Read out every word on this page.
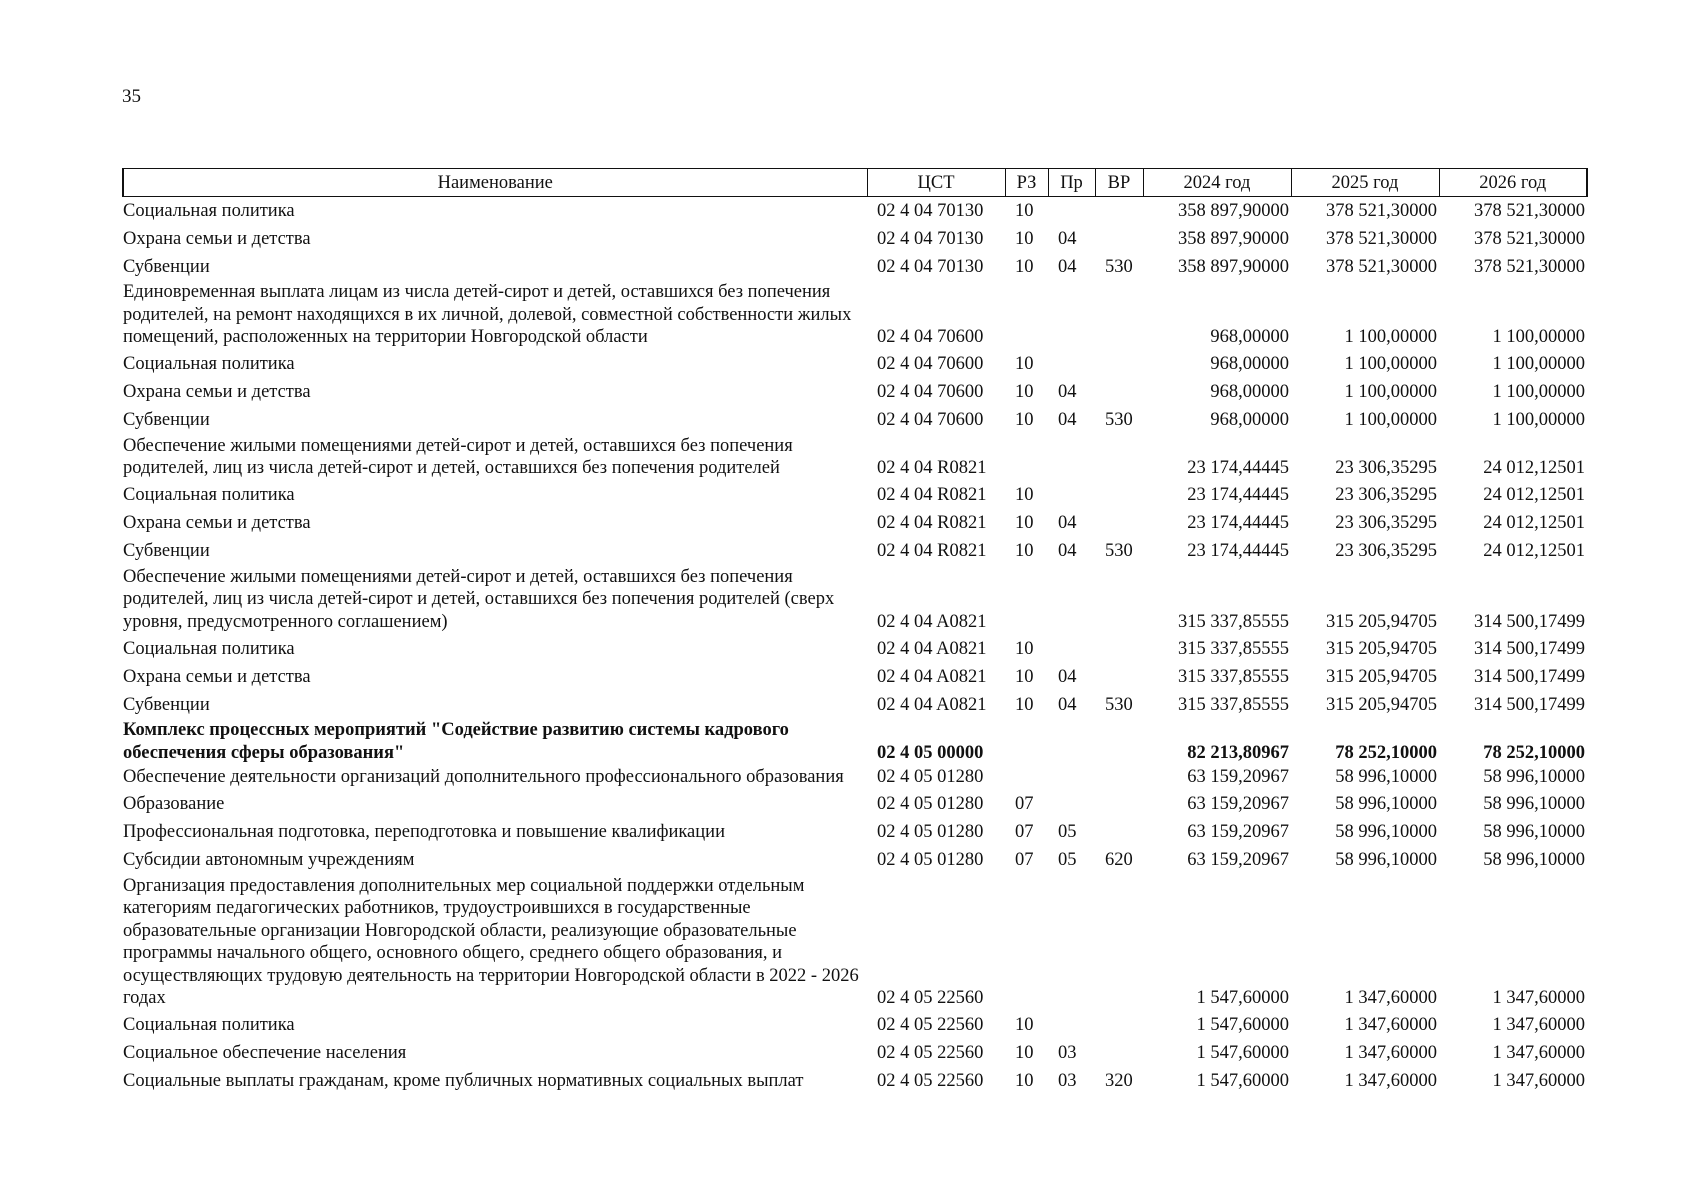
35
Наименование	ЦСТ	РЗ	Пр	ВР	2024 год	2025 год	2026 год
Социальная политика	02 4 04 70130	10			358 897,90000	378 521,30000	378 521,30000
Охрана семьи и детства	02 4 04 70130	10	04		358 897,90000	378 521,30000	378 521,30000
Субвенции	02 4 04 70130	10	04	530	358 897,90000	378 521,30000	378 521,30000
Единовременная выплата лицам из числа детей-сирот и детей, оставшихся без попечения родителей, на ремонт находящихся в их личной, долевой, совместной собственности жилых помещений, расположенных на территории Новгородской области	02 4 04 70600				968,00000	1 100,00000	1 100,00000
Социальная политика	02 4 04 70600	10			968,00000	1 100,00000	1 100,00000
Охрана семьи и детства	02 4 04 70600	10	04		968,00000	1 100,00000	1 100,00000
Субвенции	02 4 04 70600	10	04	530	968,00000	1 100,00000	1 100,00000
Обеспечение жилыми помещениями детей-сирот и детей, оставшихся без попечения родителей, лиц из числа детей-сирот и детей, оставшихся без попечения родителей	02 4 04 R0821				23 174,44445	23 306,35295	24 012,12501
Социальная политика	02 4 04 R0821	10			23 174,44445	23 306,35295	24 012,12501
Охрана семьи и детства	02 4 04 R0821	10	04		23 174,44445	23 306,35295	24 012,12501
Субвенции	02 4 04 R0821	10	04	530	23 174,44445	23 306,35295	24 012,12501
Обеспечение жилыми помещениями детей-сирот и детей, оставшихся без попечения родителей, лиц из числа детей-сирот и детей, оставшихся без попечения родителей (сверх уровня, предусмотренного соглашением)	02 4 04 A0821				315 337,85555	315 205,94705	314 500,17499
Социальная политика	02 4 04 A0821	10			315 337,85555	315 205,94705	314 500,17499
Охрана семьи и детства	02 4 04 A0821	10	04		315 337,85555	315 205,94705	314 500,17499
Субвенции	02 4 04 A0821	10	04	530	315 337,85555	315 205,94705	314 500,17499
Комплекс процессных мероприятий "Содействие развитию системы кадрового обеспечения сферы образования"	02 4 05 00000				82 213,80967	78 252,10000	78 252,10000
Обеспечение деятельности организаций дополнительного профессионального образования	02 4 05 01280				63 159,20967	58 996,10000	58 996,10000
Образование	02 4 05 01280	07			63 159,20967	58 996,10000	58 996,10000
Профессиональная подготовка, переподготовка и повышение квалификации	02 4 05 01280	07	05		63 159,20967	58 996,10000	58 996,10000
Субсидии автономным учреждениям	02 4 05 01280	07	05	620	63 159,20967	58 996,10000	58 996,10000
Организация предоставления дополнительных мер социальной поддержки отдельным категориям педагогических работников, трудоустроившихся в государственные образовательные организации Новгородской области, реализующие образовательные программы начального общего, основного общего, среднего общего образования, и осуществляющих трудовую деятельность на территории Новгородской области в 2022 - 2026 годах	02 4 05 22560				1 547,60000	1 347,60000	1 347,60000
Социальная политика	02 4 05 22560	10			1 547,60000	1 347,60000	1 347,60000
Социальное обеспечение населения	02 4 05 22560	10	03		1 547,60000	1 347,60000	1 347,60000
Социальные выплаты гражданам, кроме публичных нормативных социальных выплат	02 4 05 22560	10	03	320	1 547,60000	1 347,60000	1 347,60000
